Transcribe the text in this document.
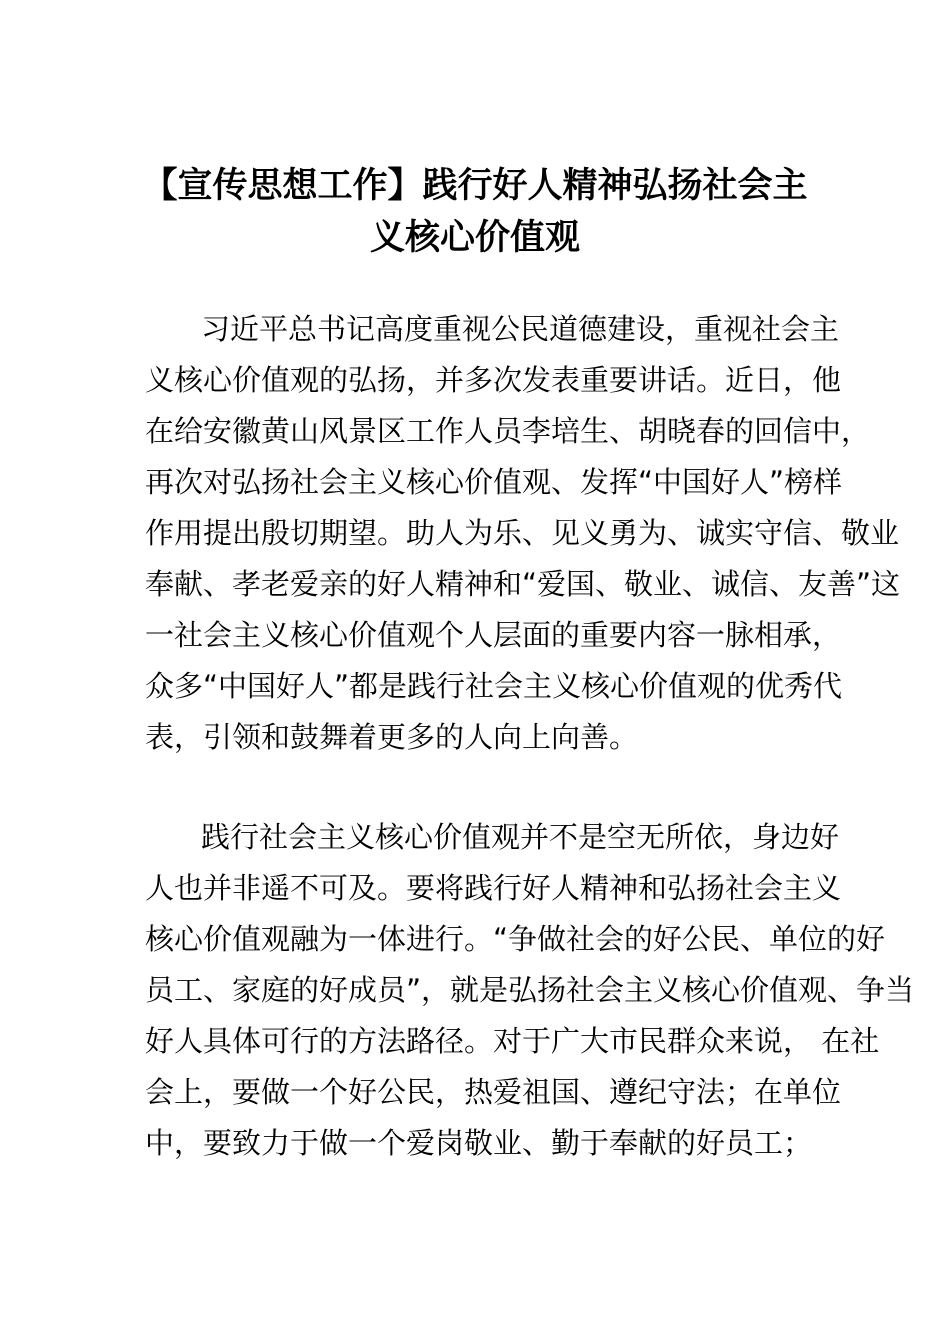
【宣传思想工作】践行好人精神弘扬社会主
义核心价值观
习近平总书记高度重视公民道德建设，重视社会主
义核心价值观的弘扬，并多次发表重要讲话。近日，他
在给安徽黄山风景区工作人员李培生、胡晓春的回信中，
再次对弘扬社会主义核心价值观、发挥“中国好人”榜样
作用提出殷切期望。助人为乐、见义勇为、诚实守信、敬业
奉献、孝老爱亲的好人精神和“爱国、敬业、诚信、友善”这
一社会主义核心价值观个人层面的重要内容一脉相承，
众多“中国好人”都是践行社会主义核心价值观的优秀代
表，引领和鼓舞着更多的人向上向善。
践行社会主义核心价值观并不是空无所依，身边好
人也并非遥不可及。要将践行好人精神和弘扬社会主义
核心价值观融为一体进行。“争做社会的好公民、单位的好
员工、家庭的好成员”，就是弘扬社会主义核心价值观、争当
好人具体可行的方法路径。对于广大市民群众来说， 在社
会上，要做一个好公民，热爱祖国、遵纪守法；在单位
中，要致力于做一个爱岗敬业、勤于奉献的好员工；
